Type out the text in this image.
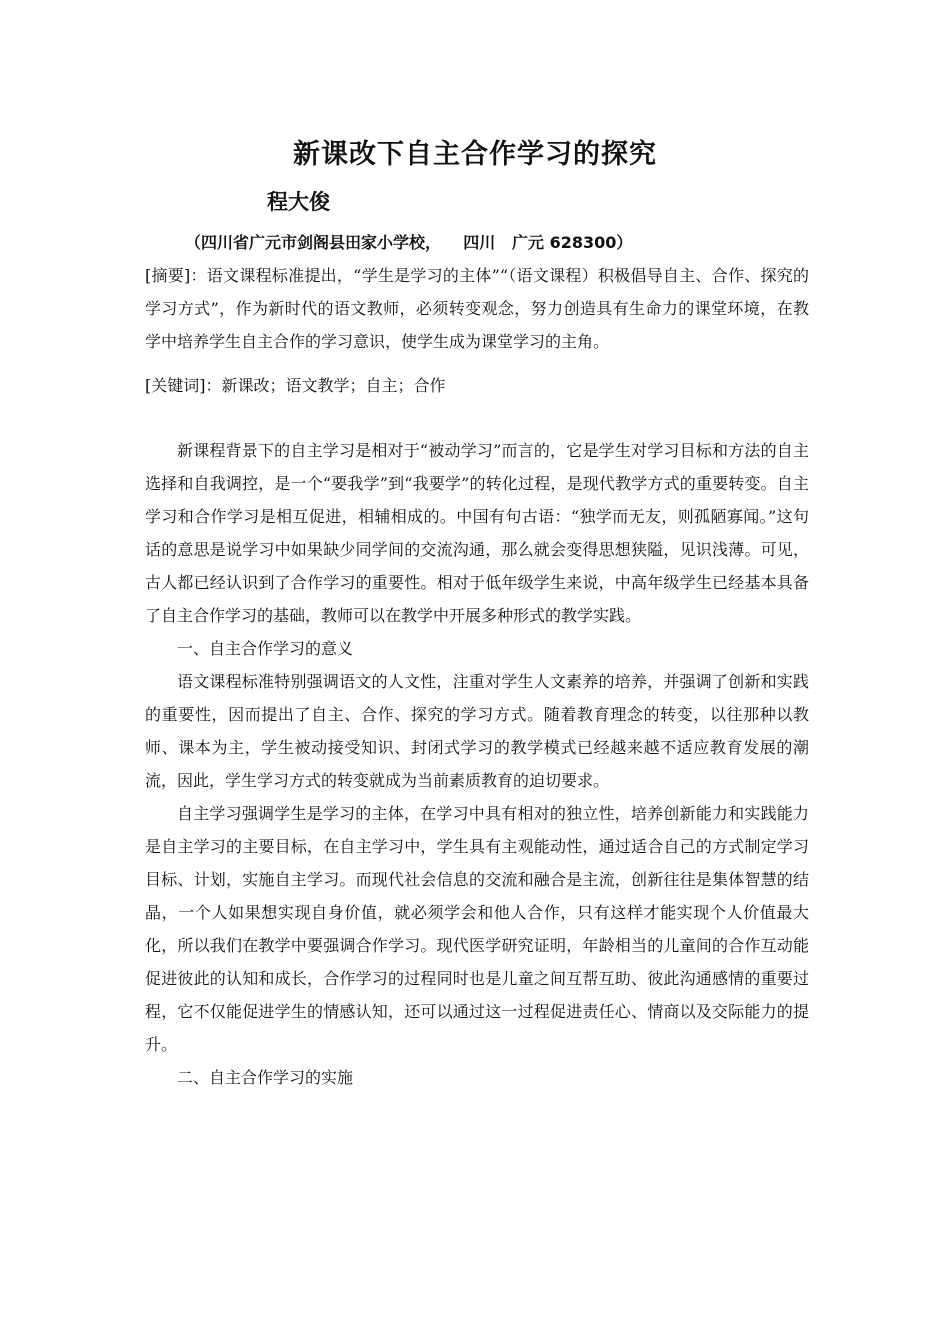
新课改下自主合作学习的探究
程大俊
（四川省广元市剑阁县田家小学校，    四川   广元 628300）

[摘要]：语文课程标准提出，“学生是学习的主体”“（语文课程）积极倡导自主、合作、探究的学习方式”，作为新时代的语文教师，必须转变观念，努力创造具有生命力的课堂环境，在教学中培养学生自主合作的学习意识，使学生成为课堂学习的主角。

[关键词]：新课改；语文教学；自主；合作

新课程背景下的自主学习是相对于“被动学习”而言的，它是学生对学习目标和方法的自主选择和自我调控，是一个“要我学”到“我要学”的转化过程，是现代教学方式的重要转变。自主学习和合作学习是相互促进，相辅相成的。中国有句古语：“独学而无友，则孤陋寡闻。”这句话的意思是说学习中如果缺少同学间的交流沟通，那么就会变得思想狭隘，见识浅薄。可见，古人都已经认识到了合作学习的重要性。相对于低年级学生来说，中高年级学生已经基本具备了自主合作学习的基础，教师可以在教学中开展多种形式的教学实践。

一、自主合作学习的意义

语文课程标准特别强调语文的人文性，注重对学生人文素养的培养，并强调了创新和实践的重要性，因而提出了自主、合作、探究的学习方式。随着教育理念的转变，以往那种以教师、课本为主，学生被动接受知识、封闭式学习的教学模式已经越来越不适应教育发展的潮流，因此，学生学习方式的转变就成为当前素质教育的迫切要求。

自主学习强调学生是学习的主体，在学习中具有相对的独立性，培养创新能力和实践能力是自主学习的主要目标，在自主学习中，学生具有主观能动性，通过适合自己的方式制定学习目标、计划，实施自主学习。而现代社会信息的交流和融合是主流，创新往往是集体智慧的结晶，一个人如果想实现自身价值，就必须学会和他人合作，只有这样才能实现个人价值最大化，所以我们在教学中要强调合作学习。现代医学研究证明，年龄相当的儿童间的合作互动能促进彼此的认知和成长，合作学习的过程同时也是儿童之间互帮互助、彼此沟通感情的重要过程，它不仅能促进学生的情感认知，还可以通过这一过程促进责任心、情商以及交际能力的提升。

二、自主合作学习的实施
